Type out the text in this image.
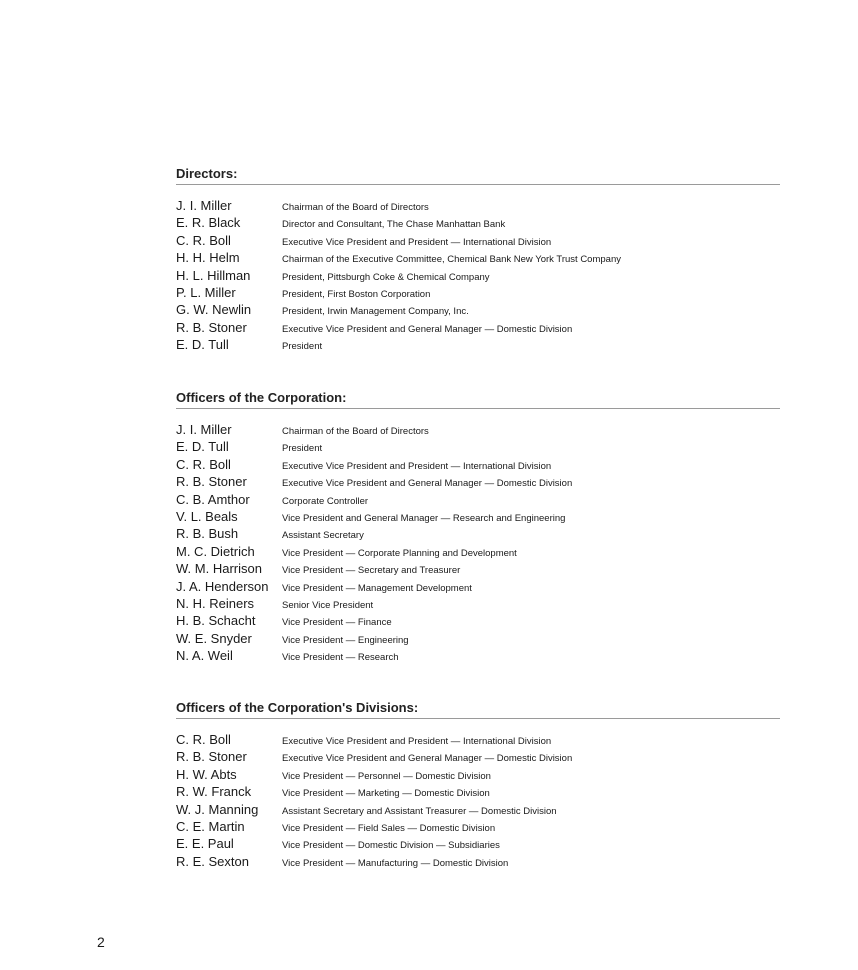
Directors:
J. I. Miller	Chairman of the Board of Directors
E. R. Black	Director and Consultant, The Chase Manhattan Bank
C. R. Boll	Executive Vice President and President — International Division
H. H. Helm	Chairman of the Executive Committee, Chemical Bank New York Trust Company
H. L. Hillman	President, Pittsburgh Coke & Chemical Company
P. L. Miller	President, First Boston Corporation
G. W. Newlin	President, Irwin Management Company, Inc.
R. B. Stoner	Executive Vice President and General Manager — Domestic Division
E. D. Tull	President
Officers of the Corporation:
J. I. Miller	Chairman of the Board of Directors
E. D. Tull	President
C. R. Boll	Executive Vice President and President — International Division
R. B. Stoner	Executive Vice President and General Manager — Domestic Division
C. B. Amthor	Corporate Controller
V. L. Beals	Vice President and General Manager — Research and Engineering
R. B. Bush	Assistant Secretary
M. C. Dietrich	Vice President — Corporate Planning and Development
W. M. Harrison	Vice President — Secretary and Treasurer
J. A. Henderson	Vice President — Management Development
N. H. Reiners	Senior Vice President
H. B. Schacht	Vice President — Finance
W. E. Snyder	Vice President — Engineering
N. A. Weil	Vice President — Research
Officers of the Corporation's Divisions:
C. R. Boll	Executive Vice President and President — International Division
R. B. Stoner	Executive Vice President and General Manager — Domestic Division
H. W. Abts	Vice President — Personnel — Domestic Division
R. W. Franck	Vice President — Marketing — Domestic Division
W. J. Manning	Assistant Secretary and Assistant Treasurer — Domestic Division
C. E. Martin	Vice President — Field Sales — Domestic Division
E. E. Paul	Vice President — Domestic Division — Subsidiaries
R. E. Sexton	Vice President — Manufacturing — Domestic Division
2
